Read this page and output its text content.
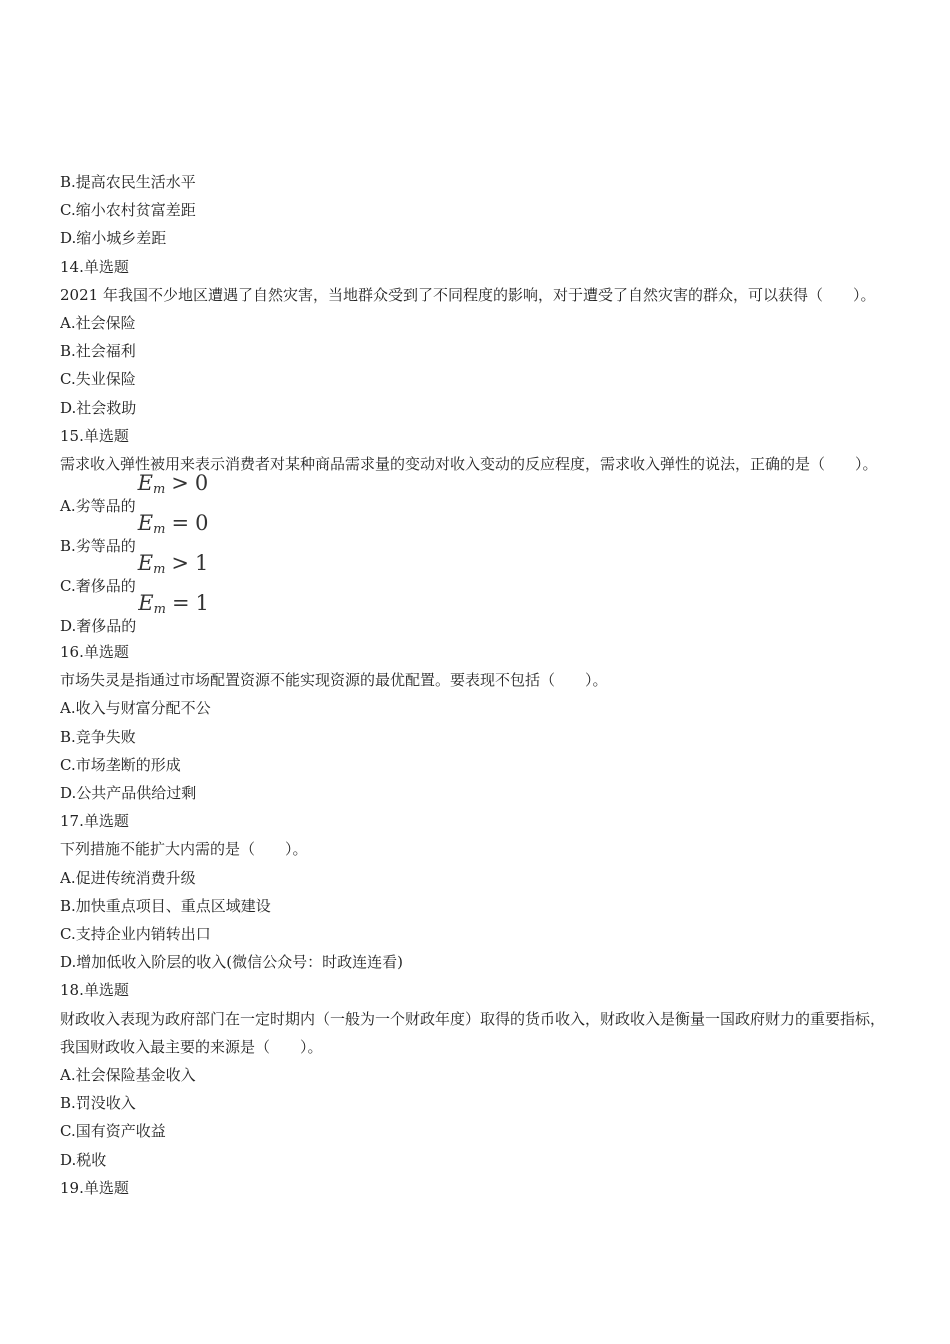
B.提高农民生活水平
C.缩小农村贫富差距
D.缩小城乡差距
14.单选题
2021 年我国不少地区遭遇了自然灾害，当地群众受到了不同程度的影响，对于遭受了自然灾害的群众，可以获得（　　）。
A.社会保险
B.社会福利
C.失业保险
D.社会救助
15.单选题
需求收入弹性被用来表示消费者对某种商品需求量的变动对收入变动的反应程度，需求收入弹性的说法，正确的是（　　）。
A.劣等品的
$E_m > 0$
B.劣等品的
$E_m = 0$
C.奢侈品的
$E_m > 1$
D.奢侈品的
$E_m = 1$
16.单选题
市场失灵是指通过市场配置资源不能实现资源的最优配置。要表现不包括（　　）。
A.收入与财富分配不公
B.竞争失败
C.市场垄断的形成
D.公共产品供给过剩
17.单选题
下列措施不能扩大内需的是（　　）。
A.促进传统消费升级
B.加快重点项目、重点区域建设
C.支持企业内销转出口
D.增加低收入阶层的收入(微信公众号：时政连连看)
18.单选题
财政收入表现为政府部门在一定时期内（一般为一个财政年度）取得的货币收入，财政收入是衡量一国政府财力的重要指标，我国财政收入最主要的来源是（　　）。
A.社会保险基金收入
B.罚没收入
C.国有资产收益
D.税收
19.单选题
